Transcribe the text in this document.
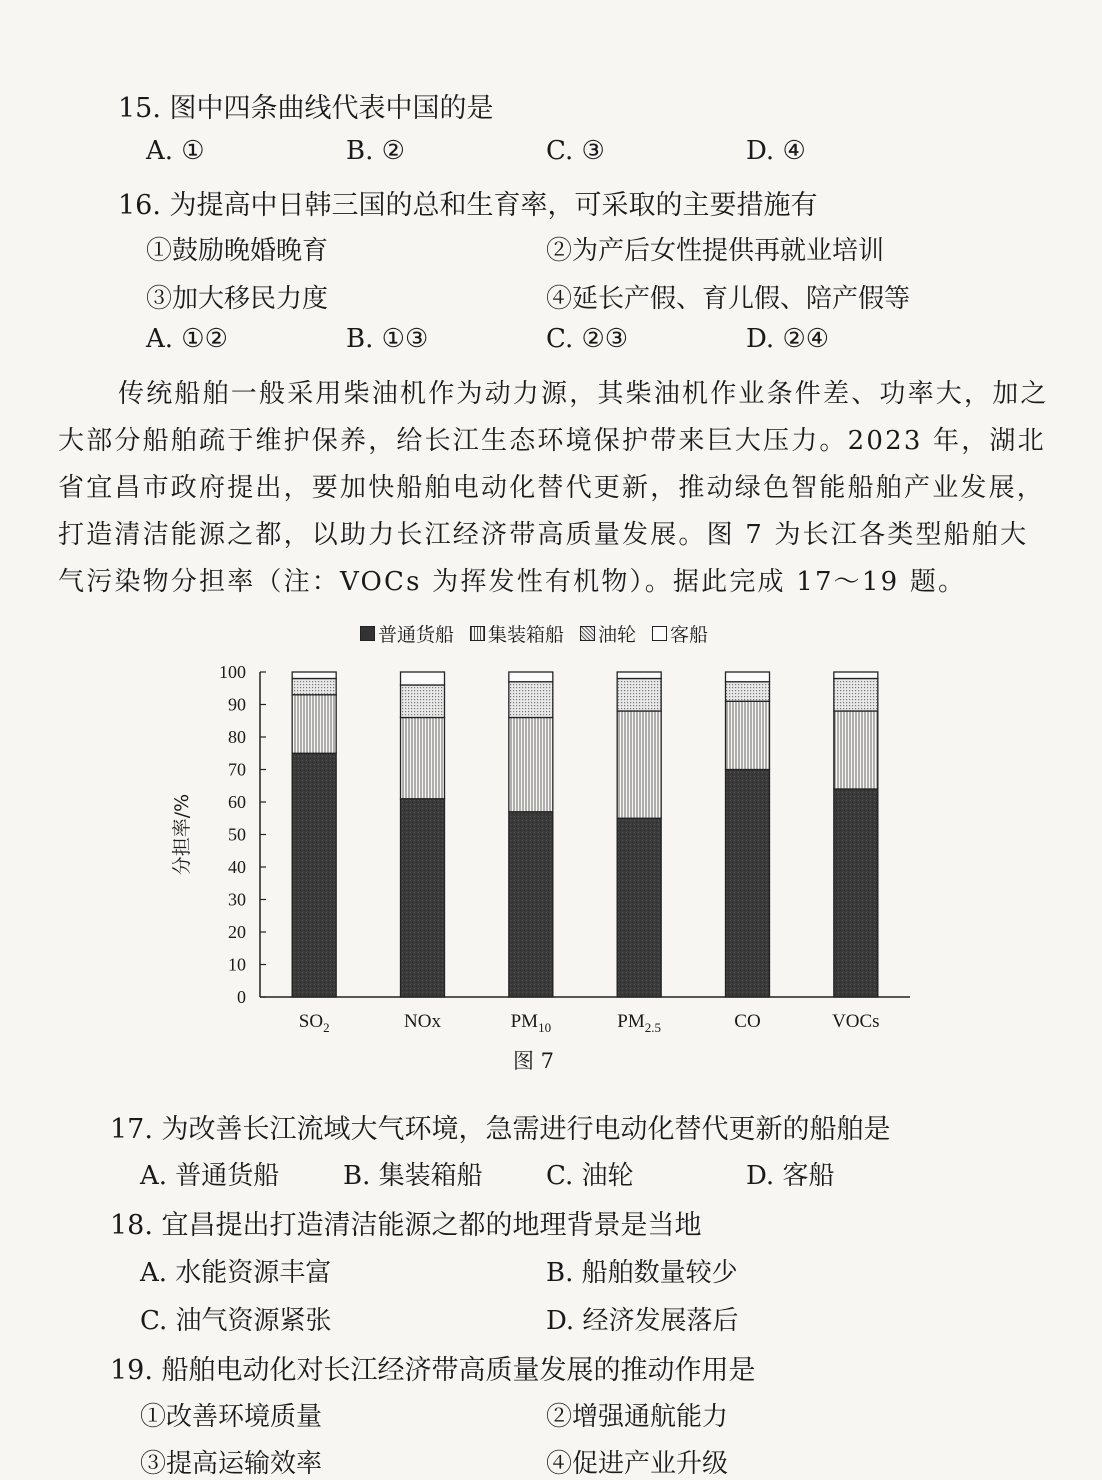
15. 图中四条曲线代表中国的是
A. ①	B. ②	C. ③	D. ④
16. 为提高中日韩三国的总和生育率，可采取的主要措施有
①鼓励晚婚晚育	②为产后女性提供再就业培训
③加大移民力度	④延长产假、育儿假、陪产假等
A. ①②	B. ①③	C. ②③	D. ②④
传统船舶一般采用柴油机作为动力源，其柴油机作业条件差、功率大，加之
大部分船舶疏于维护保养，给长江生态环境保护带来巨大压力。2023 年，湖北
省宜昌市政府提出，要加快船舶电动化替代更新，推动绿色智能船舶产业发展，
打造清洁能源之都，以助力长江经济带高质量发展。图 7 为长江各类型船舶大
气污染物分担率（注：VOCs 为挥发性有机物）。据此完成 17～19 题。
普通货船 集装箱船 油轮 客船
0
10
20
30
40
50
60
70
80
90
100
分担率/%
$SO_2$	NOx	$PM_{10}$	$PM_{2.5}$	CO	VOCs
图 7
17. 为改善长江流域大气环境，急需进行电动化替代更新的船舶是
A. 普通货船 B. 集装箱船 C. 油轮	D. 客船
18. 宜昌提出打造清洁能源之都的地理背景是当地
A. 水能资源丰富	B. 船舶数量较少
C. 油气资源紧张	D. 经济发展落后
19. 船舶电动化对长江经济带高质量发展的推动作用是
①改善环境质量	②增强通航能力
③提高运输效率	④促进产业升级
